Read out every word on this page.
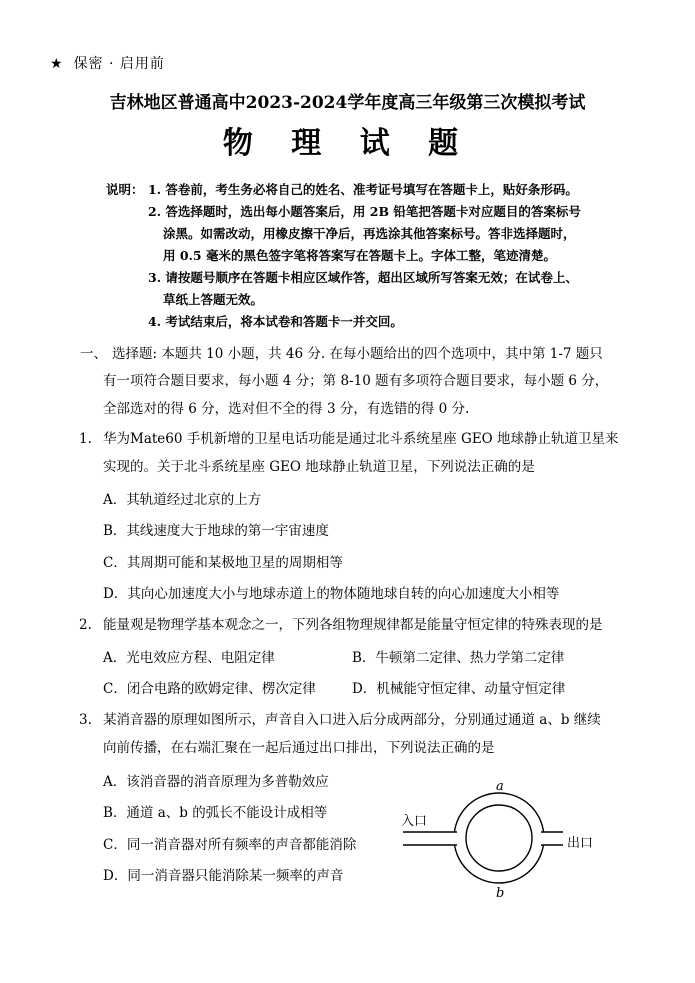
★ 保密 · 启用前
吉林地区普通高中2023-2024学年度高三年级第三次模拟考试
物 理 试 题
说明： 1. 答卷前，考生务必将自己的姓名、准考证号填写在答题卡上，贴好条形码。
2. 答选择题时，选出每小题答案后，用 2B 铅笔把答题卡对应题目的答案标号
涂黑。如需改动，用橡皮擦干净后，再选涂其他答案标号。答非选择题时，
用 0.5 毫米的黑色签字笔将答案写在答题卡上。字体工整，笔迹清楚。
3. 请按题号顺序在答题卡相应区域作答，超出区域所写答案无效；在试卷上、
草纸上答题无效。
4. 考试结束后，将本试卷和答题卡一并交回。
一、 选择题: 本题共 10 小题，共 46 分. 在每小题给出的四个选项中，其中第 1-7 题只
有一项符合题目要求，每小题 4 分；第 8-10 题有多项符合题目要求，每小题 6 分，
全部选对的得 6 分，选对但不全的得 3 分，有选错的得 0 分.
1. 华为Mate60 手机新增的卫星电话功能是通过北斗系统星座 GEO 地球静止轨道卫星来
实现的。关于北斗系统星座 GEO 地球静止轨道卫星，下列说法正确的是
A．其轨道经过北京的上方
B．其线速度大于地球的第一宇宙速度
C．其周期可能和某极地卫星的周期相等
D．其向心加速度大小与地球赤道上的物体随地球自转的向心加速度大小相等
2. 能量观是物理学基本观念之一，下列各组物理规律都是能量守恒定律的特殊表现的是
A．光电效应方程、电阻定律	B．牛顿第二定律、热力学第二定律
C．闭合电路的欧姆定律、楞次定律	D．机械能守恒定律、动量守恒定律
3. 某消音器的原理如图所示，声音自入口进入后分成两部分，分别通过通道 a、b 继续
向前传播，在右端汇聚在一起后通过出口排出，下列说法正确的是
A．该消音器的消音原理为多普勒效应
B．通道 a、b 的弧长不能设计成相等
C．同一消音器对所有频率的声音都能消除
D．同一消音器只能消除某一频率的声音
a
b
入口
出口
